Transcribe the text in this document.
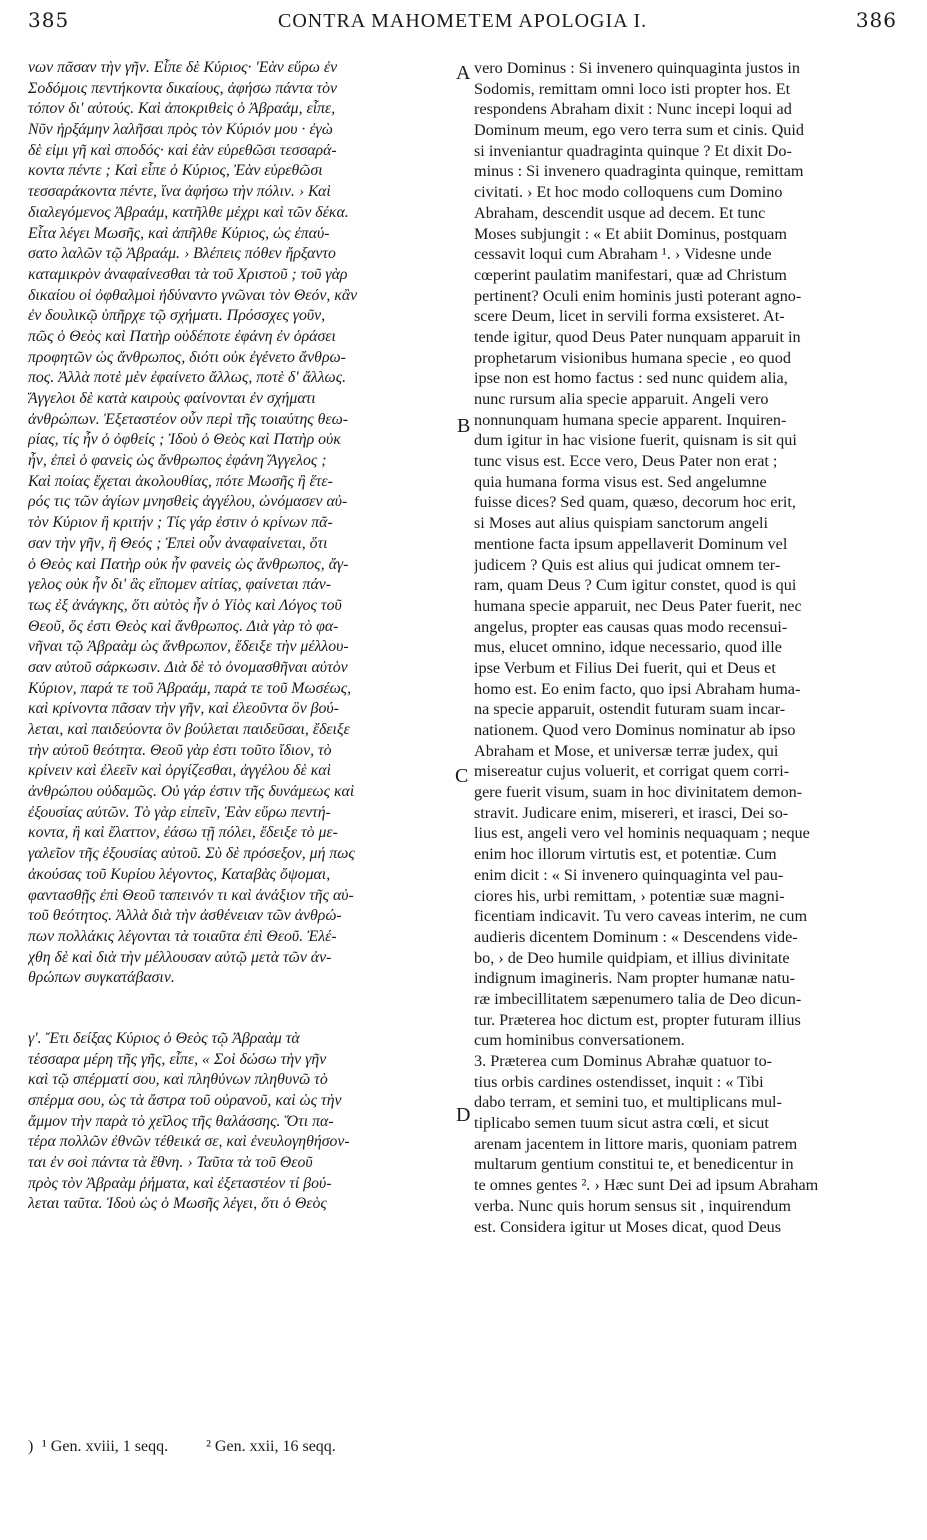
385	CONTRA MAHOMETEM APOLOGIA I.	386
νων πᾶσαν τὴν γῆν. Εἶπε δὲ Κύριος· 'Εὰν εὕρω ἐν
Σοδόμοις πεντήκοντα δικαίους, ἀφήσω πάντα τὸν
τόπον δι' αὐτούς. Καὶ ἀποκριθεὶς ὁ Ἀβραάμ, εἶπε,
Νῦν ἠρξάμην λαλῆσαι πρὸς τὸν Κύριόν μου · ἐγὼ
δὲ εἰμι γῆ καὶ σποδός· καὶ ἐὰν εὑρεθῶσι τεσσαρά-
κοντα πέντε ; Καὶ εἶπε ὁ Κύριος, Ἐὰν εὑρεθῶσι
τεσσαράκοντα πέντε, ἵνα ἀφήσω τὴν πόλιν. › Καὶ
διαλεγόμενος Ἀβραάμ, κατῆλθε μέχρι καὶ τῶν δέκα.
Εἶτα λέγει Μωσῆς, καὶ ἀπῆλθε Κύριος, ὡς ἐπαύ-
σατο λαλῶν τῷ Ἀβραάμ. › Βλέπεις πόθεν ἤρξαντο
καταμικρὸν ἀναφαίνεσθαι τὰ τοῦ Χριστοῦ ; τοῦ γὰρ
δικαίου οἱ ὀφθαλμοὶ ἠδύναντο γνῶναι τὸν Θεόν, κἂν
ἐν δουλικῷ ὑπῆρχε τῷ σχήματι. Πρόσσχες γοῦν,
πῶς ὁ Θεὸς καὶ Πατὴρ οὐδέποτε ἐφάνη ἐν ὁράσει
προφητῶν ὡς ἄνθρωπος, διότι οὐκ ἐγένετο ἄνθρω-
πος. Ἀλλὰ ποτὲ μὲν ἐφαίνετο ἄλλως, ποτὲ δ' ἄλλως.
Ἄγγελοι δὲ κατὰ καιροὺς φαίνονται ἐν σχήματι
ἀνθρώπων. Ἐξεταστέον οὖν περὶ τῆς τοιαύτης θεω-
ρίας, τίς ἦν ὁ ὀφθείς ; Ἰδοὺ ὁ Θεὸς καὶ Πατὴρ οὐκ
ἦν, ἐπεὶ ὁ φανεὶς ὡς ἄνθρωπος ἐφάνη Ἄγγελος ;
Καὶ ποίας ἔχεται ἀκολουθίας, πότε Μωσῆς ἢ ἕτε-
ρός τις τῶν ἁγίων μνησθεὶς ἀγγέλου, ὠνόμασεν αὐ-
τὸν Κύριον ἢ κριτήν ; Τίς γάρ ἐστιν ὁ κρίνων πᾶ-
σαν τὴν γῆν, ἢ Θεός ; Ἐπεὶ οὖν ἀναφαίνεται, ὅτι
ὁ Θεὸς καὶ Πατὴρ οὐκ ἦν φανεὶς ὡς ἄνθρωπος, ἄγ-
γελος οὐκ ἦν δι' ἃς εἴπομεν αἰτίας, φαίνεται πάν-
τως ἐξ ἀνάγκης, ὅτι αὐτὸς ἦν ὁ Υἱὸς καὶ Λόγος τοῦ
Θεοῦ, ὅς ἐστι Θεὸς καὶ ἄνθρωπος. Διὰ γὰρ τὸ φα-
νῆναι τῷ Ἀβραὰμ ὡς ἄνθρωπον, ἔδειξε τὴν μέλλου-
σαν αὐτοῦ σάρκωσιν. Διὰ δὲ τὸ ὀνομασθῆναι αὐτὸν
Κύριον, παρά τε τοῦ Ἀβραάμ, παρά τε τοῦ Μωσέως,
καὶ κρίνοντα πᾶσαν τὴν γῆν, καὶ ἐλεοῦντα ὃν βού-
λεται, καὶ παιδεύοντα ὃν βούλεται παιδεῦσαι, ἔδειξε
τὴν αὐτοῦ θεότητα. Θεοῦ γὰρ ἐστι τοῦτο ἴδιον, τὸ
κρίνειν καὶ ἐλεεῖν καὶ ὀργίζεσθαι, ἀγγέλου δὲ καὶ
ἀνθρώπου οὐδαμῶς. Οὐ γάρ ἐστιν τῆς δυνάμεως καὶ
ἐξουσίας αὐτῶν. Τὸ γὰρ εἰπεῖν, Ἐὰν εὕρω πεντή-
κοντα, ἢ καὶ ἔλαττον, ἐάσω τῇ πόλει, ἔδειξε τὸ με-
γαλεῖον τῆς ἐξουσίας αὐτοῦ. Σὺ δὲ πρόσεξον, μή πως
ἀκούσας τοῦ Κυρίου λέγοντος, Καταβὰς ὄψομαι,
φαντασθῇς ἐπὶ Θεοῦ ταπεινόν τι καὶ ἀνάξιον τῆς αὐ-
τοῦ θεότητος. Ἀλλὰ διὰ τὴν ἀσθένειαν τῶν ἀνθρώ-
πων πολλάκις λέγονται τὰ τοιαῦτα ἐπὶ Θεοῦ. Ἐλέ-
χθη δὲ καὶ διὰ τὴν μέλλουσαν αὐτῷ μετὰ τῶν ἀν-
θρώπων συγκατάβασιν.
γ'. Ἔτι δείξας Κύριος ὁ Θεὸς τῷ Ἀβραὰμ τὰ
τέσσαρα μέρη τῆς γῆς, εἶπε, « Σοὶ δώσω τὴν γῆν
καὶ τῷ σπέρματί σου, καὶ πληθύνων πληθυνῶ τὸ
σπέρμα σου, ὡς τὰ ἄστρα τοῦ οὐρανοῦ, καὶ ὡς τὴν
ἄμμον τὴν παρὰ τὸ χεῖλος τῆς θαλάσσης. Ὅτι πα-
τέρα πολλῶν ἐθνῶν τέθεικά σε, καὶ ἐνευλογηθήσον-
ται ἐν σοὶ πάντα τὰ ἔθνη. › Ταῦτα τὰ τοῦ Θεοῦ
πρὸς τὸν Ἀβραὰμ ῥήματα, καὶ ἐξεταστέον τί βού-
λεται ταῦτα. Ἰδοὺ ὡς ὁ Μωσῆς λέγει, ὅτι ὁ Θεὸς
vero Dominus : Si invenero quinquaginta justos in
Sodomis, remittam omni loco isti propter hos. Et
respondens Abraham dixit : Nunc incepi loqui ad
Dominum meum, ego vero terra sum et cinis. Quid
si inveniantur quadraginta quinque ? Et dixit Do-
minus : Si invenero quadraginta quinque, remittam
civitati. › Et hoc modo colloquens cum Domino
Abraham, descendit usque ad decem. Et tunc
Moses subjungit : « Et abiit Dominus, postquam
cessavit loqui cum Abraham ¹. › Videsne unde
cœperint paulatim manifestari, quæ ad Christum
pertinent? Oculi enim hominis justi poterant agno-
scere Deum, licet in servili forma exsisteret. At-
tende igitur, quod Deus Pater nunquam apparuit in
prophetarum visionibus humana specie , eo quod
ipse non est homo factus : sed nunc quidem alia,
nunc rursum alia specie apparuit. Angeli vero
nonnunquam humana specie apparent. Inquiren-
dum igitur in hac visione fuerit, quisnam is sit qui
tunc visus est. Ecce vero, Deus Pater non erat ;
quia humana forma visus est. Sed angelumne
fuisse dices? Sed quam, quæso, decorum hoc erit,
si Moses aut alius quispiam sanctorum angeli
mentione facta ipsum appellaverit Dominum vel
judicem ? Quis est alius qui judicat omnem ter-
ram, quam Deus ? Cum igitur constet, quod is qui
humana specie apparuit, nec Deus Pater fuerit, nec
angelus, propter eas causas quas modo recensui-
mus, elucet omnino, idque necessario, quod ille
ipse Verbum et Filius Dei fuerit, qui et Deus et
homo est. Eo enim facto, quo ipsi Abraham huma-
na specie apparuit, ostendit futuram suam incar-
nationem. Quod vero Dominus nominatur ab ipso
Abraham et Mose, et universæ terræ judex, qui
misereatur cujus voluerit, et corrigat quem corri-
gere fuerit visum, suam in hoc divinitatem demon-
stravit. Judicare enim, misereri, et irasci, Dei so-
lius est, angeli vero vel hominis nequaquam ; neque
enim hoc illorum virtutis est, et potentiæ. Cum
enim dicit : « Si invenero quinquaginta vel pau-
ciores his, urbi remittam, › potentiæ suæ magni-
ficentiam indicavit. Tu vero caveas interim, ne cum
audieris dicentem Dominum : « Descendens vide-
bo, › de Deo humile quidpiam, et illius divinitate
indignum imagineris. Nam propter humanæ natu-
ræ imbecillitatem sæpenumero talia de Deo dicun-
tur. Præterea hoc dictum est, propter futuram illius
cum hominibus conversationem.
3. Præterea cum Dominus Abrahæ quatuor to-
tius orbis cardines ostendisset, inquit : « Tibi
dabo terram, et semini tuo, et multiplicans mul-
tiplicabo semen tuum sicut astra cœli, et sicut
arenam jacentem in littore maris, quoniam patrem
multarum gentium constitui te, et benedicentur in
te omnes gentes ². › Hæc sunt Dei ad ipsum Abraham
verba. Nunc quis horum sensus sit , inquirendum
est. Considera igitur ut Moses dicat, quod Deus
A
B
C
D
) ¹ Gen. xviii, 1 seqq. ² Gen. xxii, 16 seqq.
